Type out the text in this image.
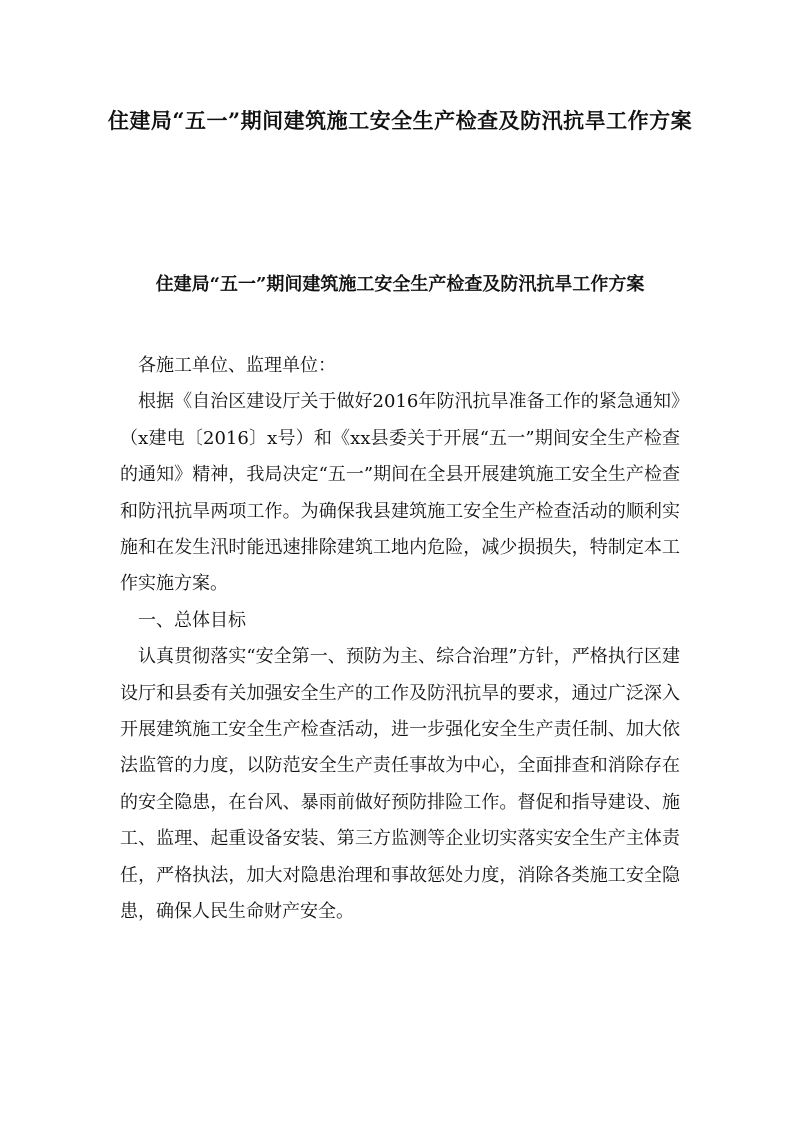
住建局“五一”期间建筑施工安全生产检查及防汛抗旱工作方案
住建局“五一”期间建筑施工安全生产检查及防汛抗旱工作方案

各施工单位、监理单位：

根据《自治区建设厅关于做好2016年防汛抗旱准备工作的紧急通知》（x建电〔2016〕x号）和《xx县委关于开展“五一”期间安全生产检查的通知》精神，我局决定“五一”期间在全县开展建筑施工安全生产检查和防汛抗旱两项工作。为确保我县建筑施工安全生产检查活动的顺利实施和在发生汛时能迅速排除建筑工地内危险，减少损损失，特制定本工作实施方案。

一、总体目标

认真贯彻落实“安全第一、预防为主、综合治理”方针，严格执行区建设厅和县委有关加强安全生产的工作及防汛抗旱的要求，通过广泛深入开展建筑施工安全生产检查活动，进一步强化安全生产责任制、加大依法监管的力度，以防范安全生产责任事故为中心，全面排查和消除存在的安全隐患，在台风、暴雨前做好预防排险工作。督促和指导建设、施工、监理、起重设备安装、第三方监测等企业切实落实安全生产主体责任，严格执法，加大对隐患治理和事故惩处力度，消除各类施工安全隐患，确保人民生命财产安全。
